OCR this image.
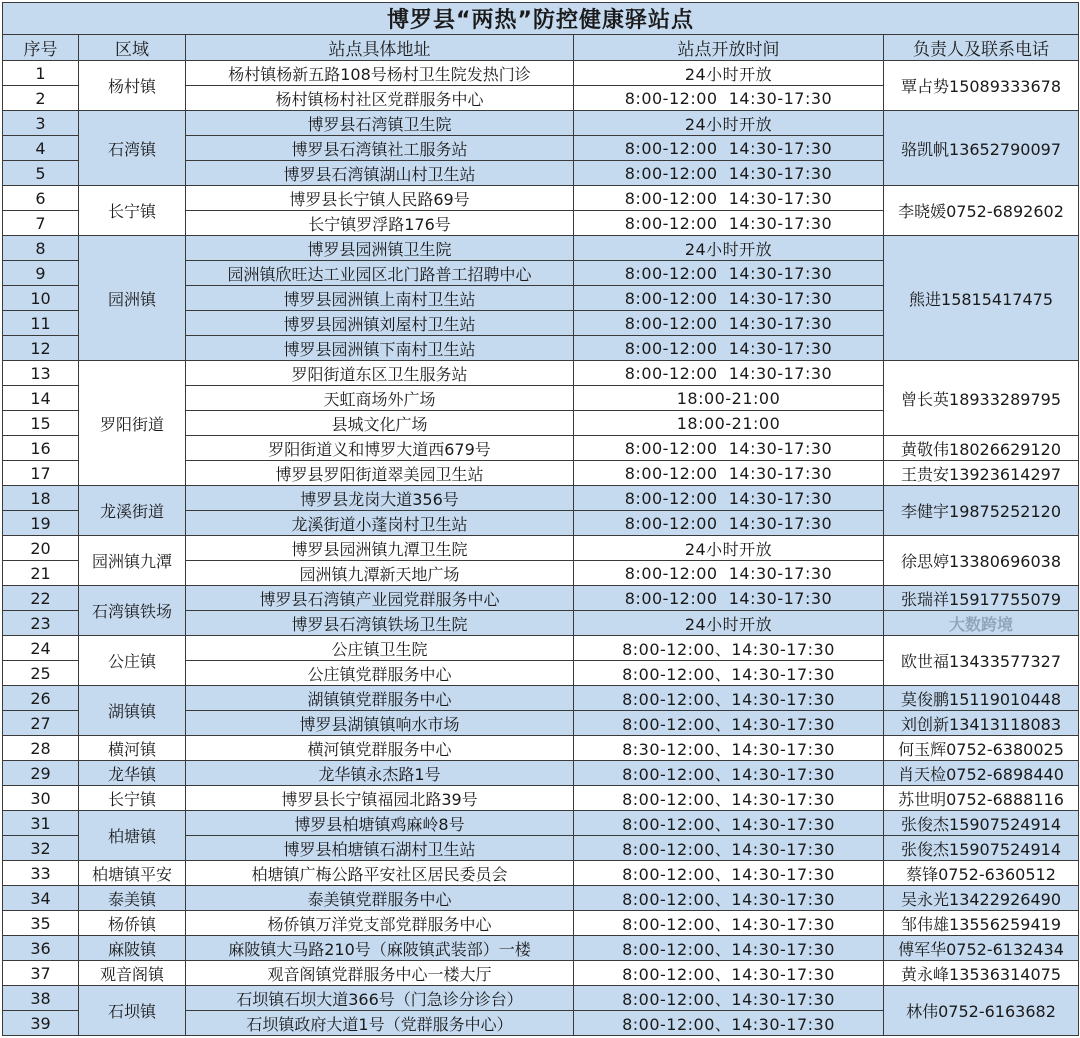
博罗县“两热”防控健康驿站点				
序号	区域	站点具体地址	站点开放时间	负责人及联系电话
1	杨村镇	杨村镇杨新五路108号杨村卫生院发热门诊	24小时开放	覃占势15089333678
2		杨村镇杨村社区党群服务中心	8:00-12:00  14:30-17:30	
3	石湾镇	博罗县石湾镇卫生院	24小时开放	骆凯帆13652790097
4		博罗县石湾镇社工服务站	8:00-12:00  14:30-17:30	
5		博罗县石湾镇湖山村卫生站	8:00-12:00  14:30-17:30	
6	长宁镇	博罗县长宁镇人民路69号	8:00-12:00  14:30-17:30	李晓媛0752-6892602
7		长宁镇罗浮路176号	8:00-12:00  14:30-17:30	
8	园洲镇	博罗县园洲镇卫生院	24小时开放	熊进15815417475
9		园洲镇欣旺达工业园区北门路普工招聘中心	8:00-12:00  14:30-17:30	
10		博罗县园洲镇上南村卫生站	8:00-12:00  14:30-17:30	
11		博罗县园洲镇刘屋村卫生站	8:00-12:00  14:30-17:30	
12		博罗县园洲镇下南村卫生站	8:00-12:00  14:30-17:30	
13	罗阳街道	罗阳街道东区卫生服务站	8:00-12:00  14:30-17:30	曾长英18933289795
14		天虹商场外广场	18:00-21:00	
15		县城文化广场	18:00-21:00	
16		罗阳街道义和博罗大道西679号	8:00-12:00  14:30-17:30	黄敬伟18026629120
17		博罗县罗阳街道翠美园卫生站	8:00-12:00  14:30-17:30	王贵安13923614297
18	龙溪街道	博罗县龙岗大道356号	8:00-12:00  14:30-17:30	李健宇19875252120
19		龙溪街道小蓬岗村卫生站	8:00-12:00  14:30-17:30	
20	园洲镇九潭	博罗县园洲镇九潭卫生院	24小时开放	徐思婷13380696038
21		园洲镇九潭新天地广场	8:00-12:00  14:30-17:30	
22	石湾镇铁场	博罗县石湾镇产业园党群服务中心	8:00-12:00  14:30-17:30	张瑞祥15917755079
23		博罗县石湾镇铁场卫生院	24小时开放	大数跨境
24	公庄镇	公庄镇卫生院	8:00-12:00、14:30-17:30	欧世福13433577327
25		公庄镇党群服务中心	8:00-12:00、14:30-17:30	
26	湖镇镇	湖镇镇党群服务中心	8:00-12:00、14:30-17:30	莫俊鹏15119010448
27		博罗县湖镇镇响水市场	8:00-12:00、14:30-17:30	刘创新13413118083
28	横河镇	横河镇党群服务中心	8:30-12:00、14:30-17:30	何玉辉0752-6380025
29	龙华镇	龙华镇永杰路1号	8:00-12:00、14:30-17:30	肖天检0752-6898440
30	长宁镇	博罗县长宁镇福园北路39号	8:00-12:00、14:30-17:30	苏世明0752-6888116
31	柏塘镇	博罗县柏塘镇鸡麻岭8号	8:00-12:00、14:30-17:30	张俊杰15907524914
32		博罗县柏塘镇石湖村卫生站	8:00-12:00、14:30-17:30	张俊杰15907524914
33	柏塘镇平安	柏塘镇广梅公路平安社区居民委员会	8:00-12:00、14:30-17:30	蔡锋0752-6360512
34	泰美镇	泰美镇党群服务中心	8:00-12:00、14:30-17:30	吴永光13422926490
35	杨侨镇	杨侨镇万洋党支部党群服务中心	8:00-12:00、14:30-17:30	邹伟雄13556259419
36	麻陂镇	麻陂镇大马路210号（麻陂镇武装部）一楼	8:00-12:00、14:30-17:30	傅军华0752-6132434
37	观音阁镇	观音阁镇党群服务中心一楼大厅	8:00-12:00、14:30-17:30	黄永峰13536314075
38	石坝镇	石坝镇石坝大道366号（门急诊分诊台）	8:00-12:00、14:30-17:30	林伟0752-6163682
39		石坝镇政府大道1号（党群服务中心）	8:00-12:00、14:30-17:30	
